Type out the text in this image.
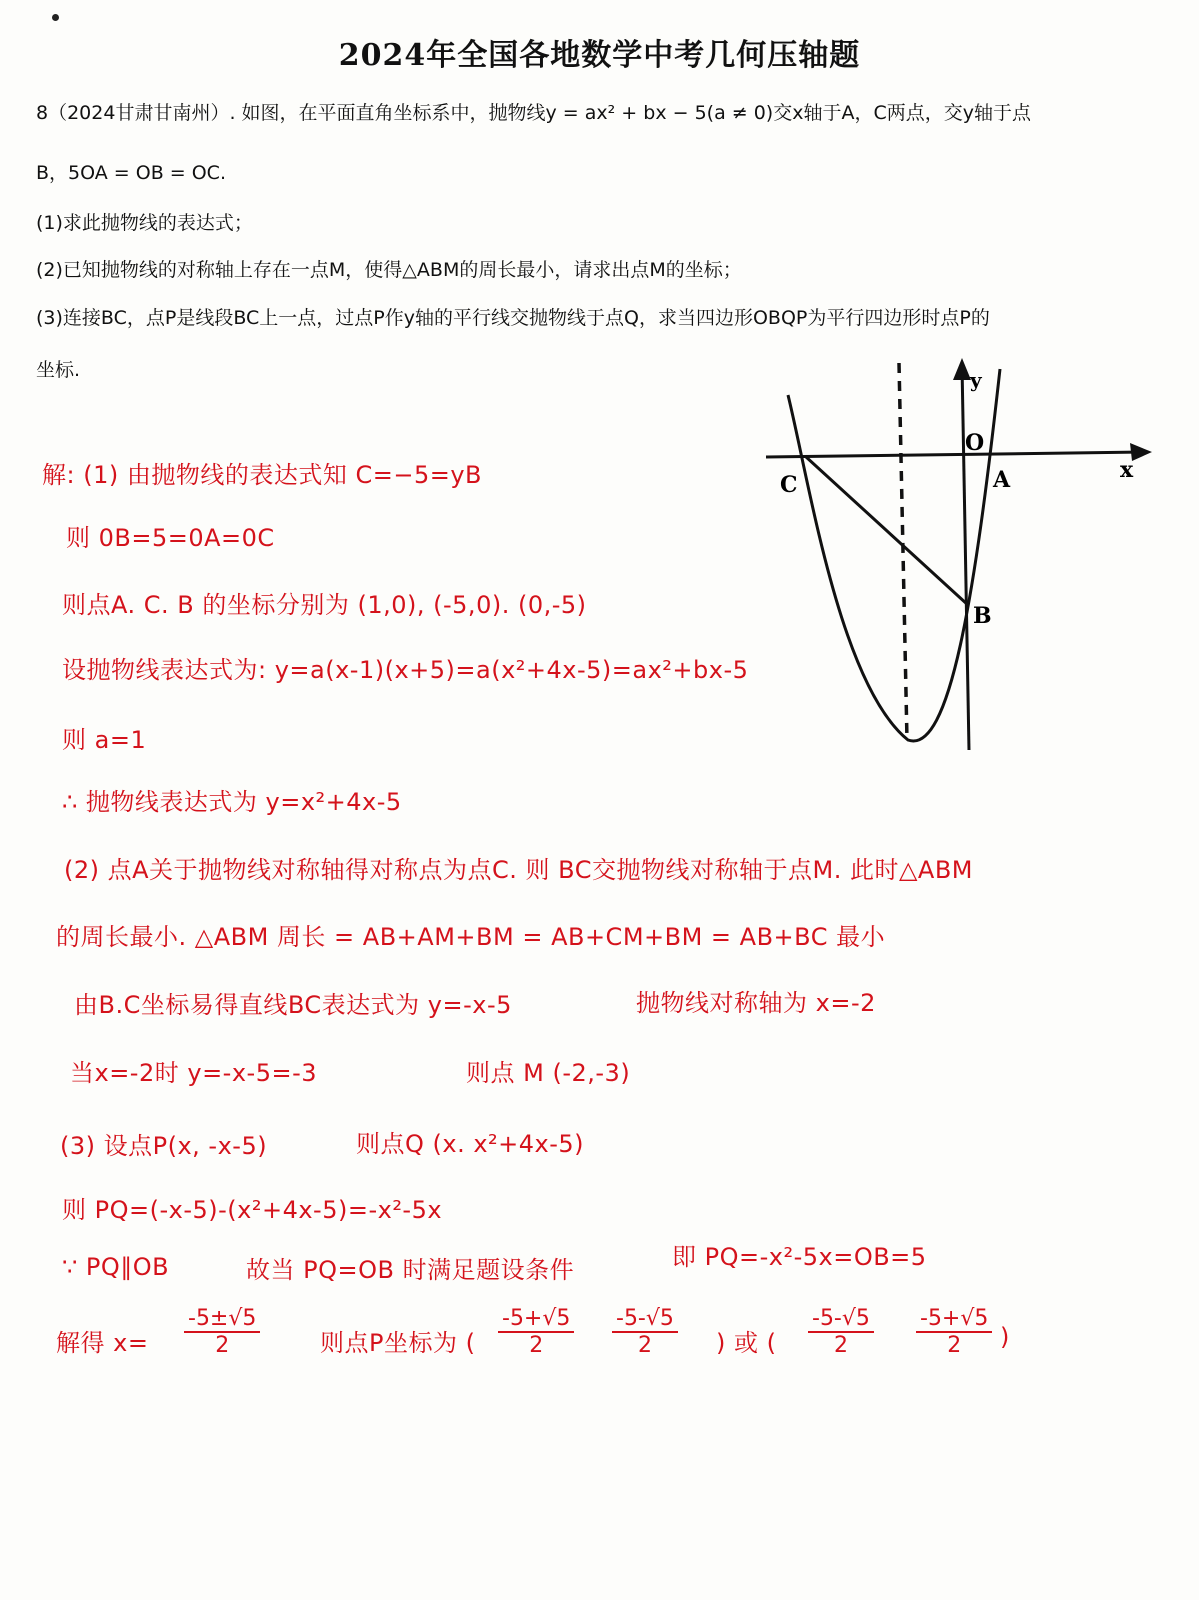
2024年全国各地数学中考几何压轴题
8（2024甘肃甘南州）. 如图，在平面直角坐标系中，抛物线y = ax² + bx − 5(a ≠ 0)交x轴于A，C两点，交y轴于点
B，5OA = OB = OC.
(1)求此抛物线的表达式；
(2)已知抛物线的对称轴上存在一点M，使得△ABM的周长最小，请求出点M的坐标；
(3)连接BC，点P是线段BC上一点，过点P作y轴的平行线交抛物线于点Q，求当四边形OBQP为平行四边形时点P的
坐标.
x
y
O
A
B
C
解: (1) 由抛物线的表达式知 C=−5=yB
则 0B=5=0A=0C
则点A. C. B 的坐标分别为 (1,0), (-5,0). (0,-5)
设抛物线表达式为: y=a(x-1)(x+5)=a(x²+4x-5)=ax²+bx-5
则 a=1
∴ 抛物线表达式为 y=x²+4x-5
(2) 点A关于抛物线对称轴得对称点为点C. 则 BC交抛物线对称轴于点M. 此时△ABM
的周长最小. △ABM 周长 = AB+AM+BM = AB+CM+BM = AB+BC 最小
由B.C坐标易得直线BC表达式为 y=-x-5	抛物线对称轴为 x=-2
当x=-2时 y=-x-5=-3	则点 M (-2,-3)
(3) 设点P(x, -x-5)	则点Q (x. x²+4x-5)
则 PQ=(-x-5)-(x²+4x-5)=-x²-5x
∵ PQ∥OB	故当 PQ=OB 时满足题设条件	即 PQ=-x²-5x=OB=5
解得 $x= \frac{-5\pm√5}{2}$ 则点P坐标为 ( $\frac{-5+√5}{2} \frac{-5-√5}{2}$ ) 或 ( $\frac{-5-√5}{2} \frac{-5+√5}{2}$ )
